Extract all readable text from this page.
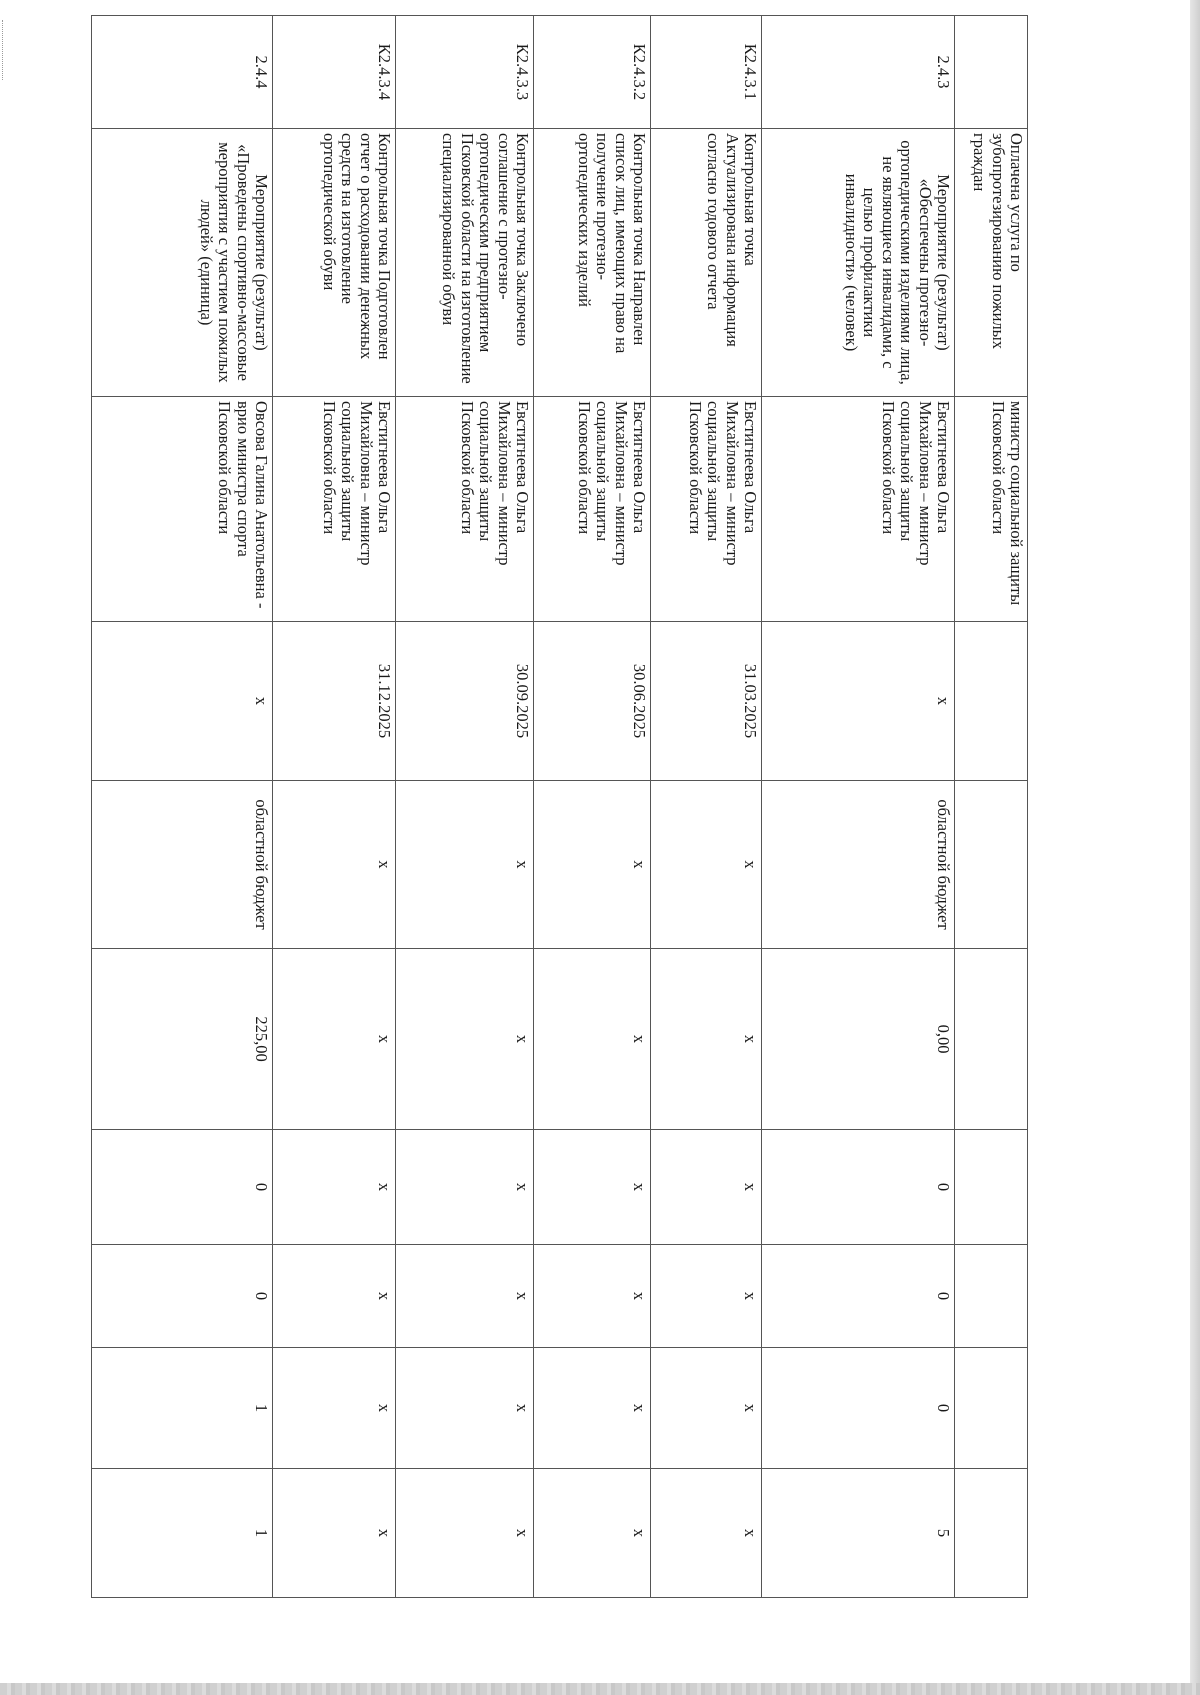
	Оплачена услуга по зубопротезированию пожилых граждан	министр социальной защиты Псковской области							
2.4.3	Мероприятие (результат) «Обеспечены протезно-ортопедическими изделиями лица, не являющиеся инвалидами, с целью профилактики инвалидности» (человек)	Евстигнеева Ольга Михайловна – министр социальной защиты Псковской области	x	областной бюджет	0,00	0	0	0	5
К2.4.3.1	Контрольная точка Актуализирована информация согласно годового отчета	Евстигнеева Ольга Михайловна – министр социальной защиты Псковской области	31.03.2025	x	x	x	x	x	x
К2.4.3.2	Контрольная точка Направлен список лиц, имеющих право на получение протезно-ортопедических изделий	Евстигнеева Ольга Михайловна – министр социальной защиты Псковской области	30.06.2025	x	x	x	x	x	x
К2.4.3.3	Контрольная точка Заключено соглашение с протезно-ортопедическим предприятием Псковской области на изготовление специализированной обуви	Евстигнеева Ольга Михайловна – министр социальной защиты Псковской области	30.09.2025	x	x	x	x	x	x
К2.4.3.4	Контрольная точка Подготовлен отчет о расходовании денежных средств на изготовление ортопедической обуви	Евстигнеева Ольга Михайловна – министр социальной защиты Псковской области	31.12.2025	x	x	x	x	x	x
2.4.4	Мероприятие (результат) «Проведены спортивно-массовые мероприятия с участием пожилых людей» (единица)	Овсова Галина Анатольевна - врио министра спорта Псковской области	x	областной бюджет	225,00	0	0	1	1
